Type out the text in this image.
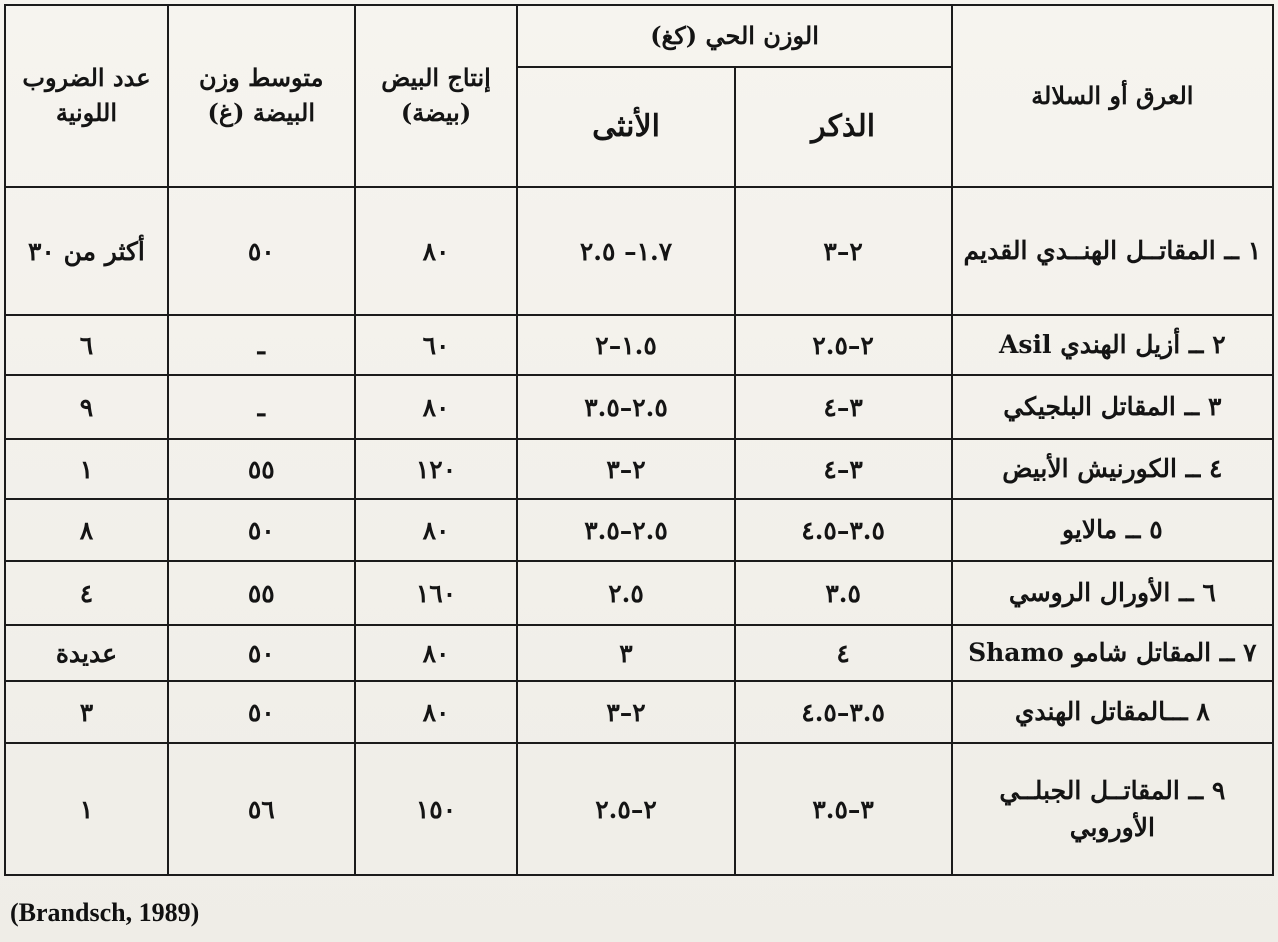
العرق أو السلالة	الوزن الحي (كغ)		إنتاج البيض (بيضة)	متوسط وزن البيضة (غ)	عدد الضروب اللونية
	الذكر	الأنثى			
١ ــ المقاتــل الهنــدي القديم	٢–٣	١.٧– ٢.٥	٨٠	٥٠	أكثر من ٣٠
٢ ــ أزيل الهندي Asil	٢–٢.٥	١.٥–٢	٦٠	ـ	٦
٣ ــ المقاتل البلجيكي	٣–٤	٢.٥–٣.٥	٨٠	ـ	٩
٤ ــ الكورنيش الأبيض	٣–٤	٢–٣	١٢٠	٥٥	١
٥ ــ مالايو	٣.٥–٤.٥	٢.٥–٣.٥	٨٠	٥٠	٨
٦ ــ الأورال الروسي	٣.٥	٢.٥	١٦٠	٥٥	٤
٧ ــ المقاتل شامو Shamo	٤	٣	٨٠	٥٠	عديدة
٨ ـــالمقاتل الهندي	٣.٥–٤.٥	٢–٣	٨٠	٥٠	٣
٩ ــ المقاتــل الجبلــي الأوروبي	٣–٣.٥	٢–٢.٥	١٥٠	٥٦	١
(Brandsch, 1989)
